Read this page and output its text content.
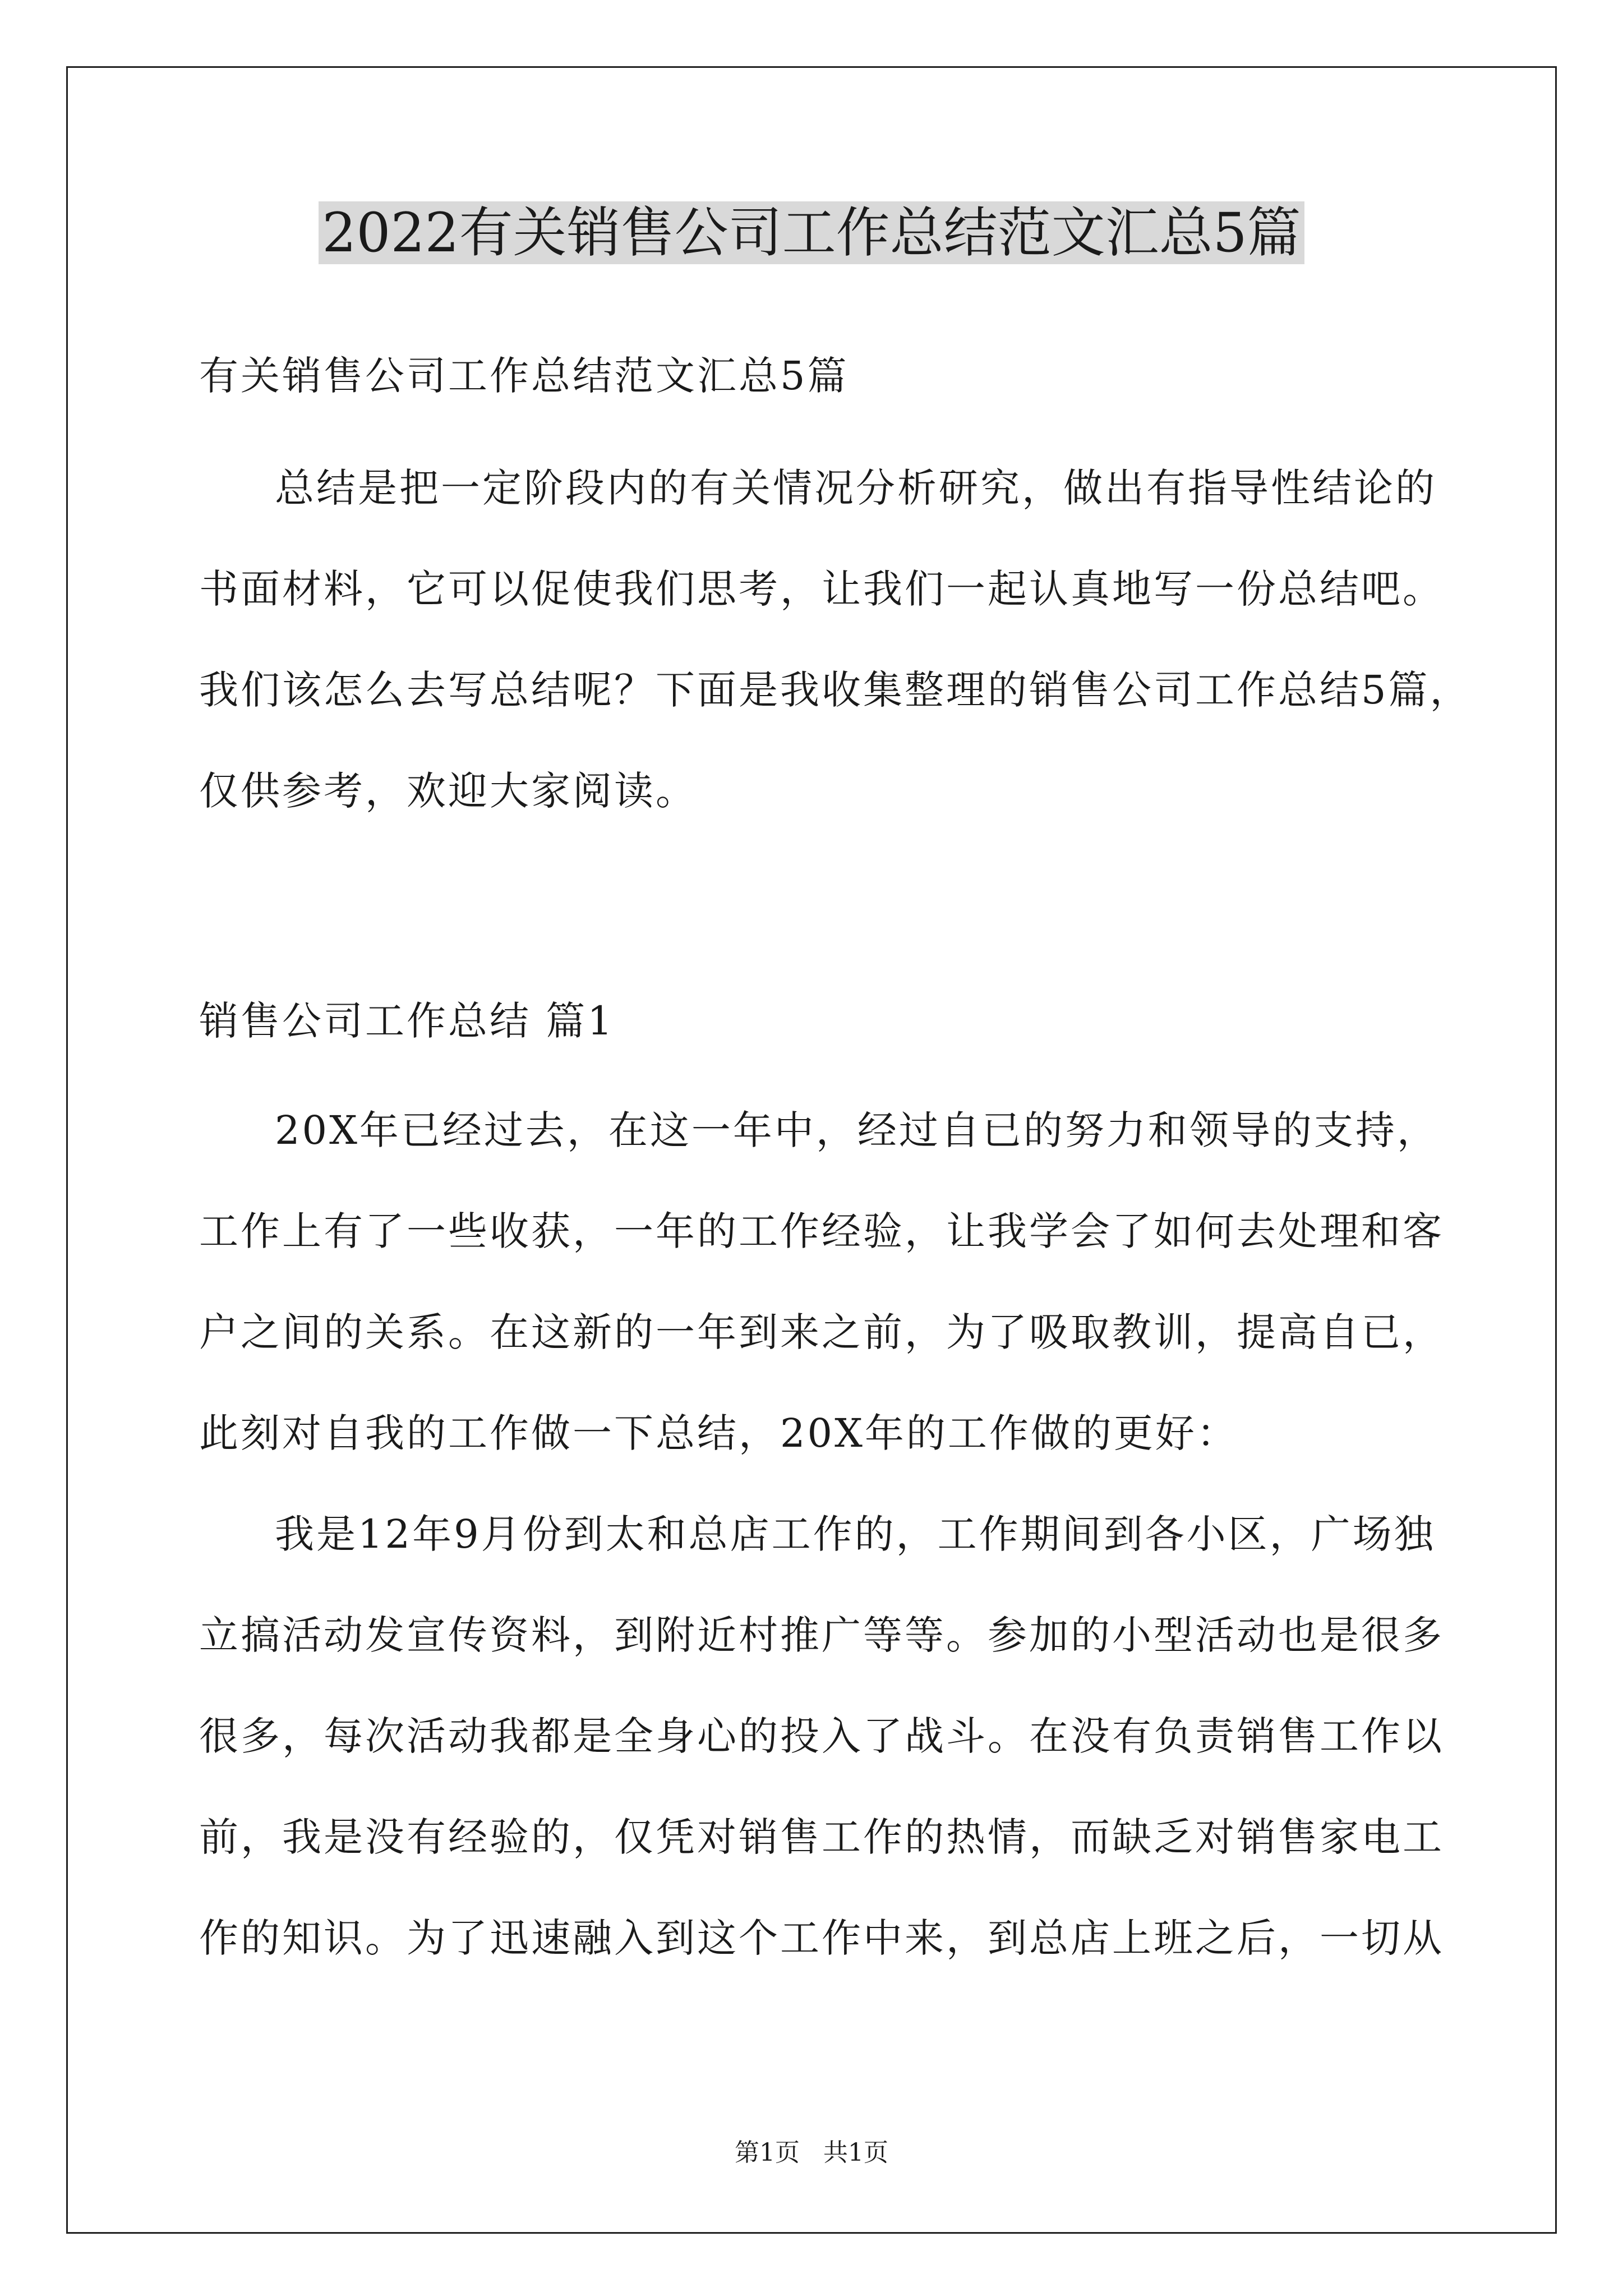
2022有关销售公司工作总结范文汇总5篇
有关销售公司工作总结范文汇总5篇
总结是把一定阶段内的有关情况分析研究，做出有指导性结论的
书面材料，它可以促使我们思考，让我们一起认真地写一份总结吧。
我们该怎么去写总结呢？下面是我收集整理的销售公司工作总结5篇，
仅供参考，欢迎大家阅读。
销售公司工作总结 篇1
20X年已经过去，在这一年中，经过自已的努力和领导的支持，
工作上有了一些收获，一年的工作经验，让我学会了如何去处理和客
户之间的关系。在这新的一年到来之前，为了吸取教训，提高自已，
此刻对自我的工作做一下总结，20X年的工作做的更好：
我是12年9月份到太和总店工作的，工作期间到各小区，广场独
立搞活动发宣传资料，到附近村推广等等。参加的小型活动也是很多
很多，每次活动我都是全身心的投入了战斗。在没有负责销售工作以
前，我是没有经验的，仅凭对销售工作的热情，而缺乏对销售家电工
作的知识。为了迅速融入到这个工作中来，到总店上班之后，一切从
第1页   共1页
